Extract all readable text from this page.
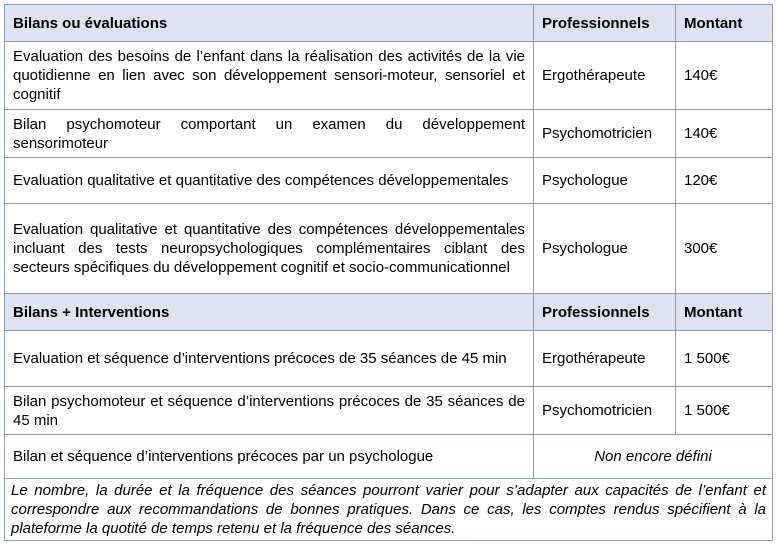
Bilans ou évaluations	Professionnels	Montant
Evaluation des besoins de l’enfant dans la réalisation des activités de la vie quotidienne en lien avec son développement sensori-moteur, sensoriel et cognitif	Ergothérapeute	140€
Bilan psychomoteur comportant un examen du développement sensorimoteur	Psychomotricien	140€
Evaluation qualitative et quantitative des compétences développementales	Psychologue	120€
Evaluation qualitative et quantitative des compétences développementales incluant des tests neuropsychologiques complémentaires ciblant des secteurs spécifiques du développement cognitif et socio-communicationnel	Psychologue	300€
Bilans + Interventions	Professionnels	Montant
Evaluation et séquence d’interventions précoces de 35 séances de 45 min	Ergothérapeute	1 500€
Bilan psychomoteur et séquence d’interventions précoces de 35 séances de 45 min	Psychomotricien	1 500€
Bilan et séquence d’interventions précoces par un psychologue	Non encore défini	
Le nombre, la durée et la fréquence des séances pourront varier pour s’adapter aux capacités de l’enfant et correspondre aux recommandations de bonnes pratiques. Dans ce cas, les comptes rendus spécifient à la plateforme la quotité de temps retenu et la fréquence des séances.		
